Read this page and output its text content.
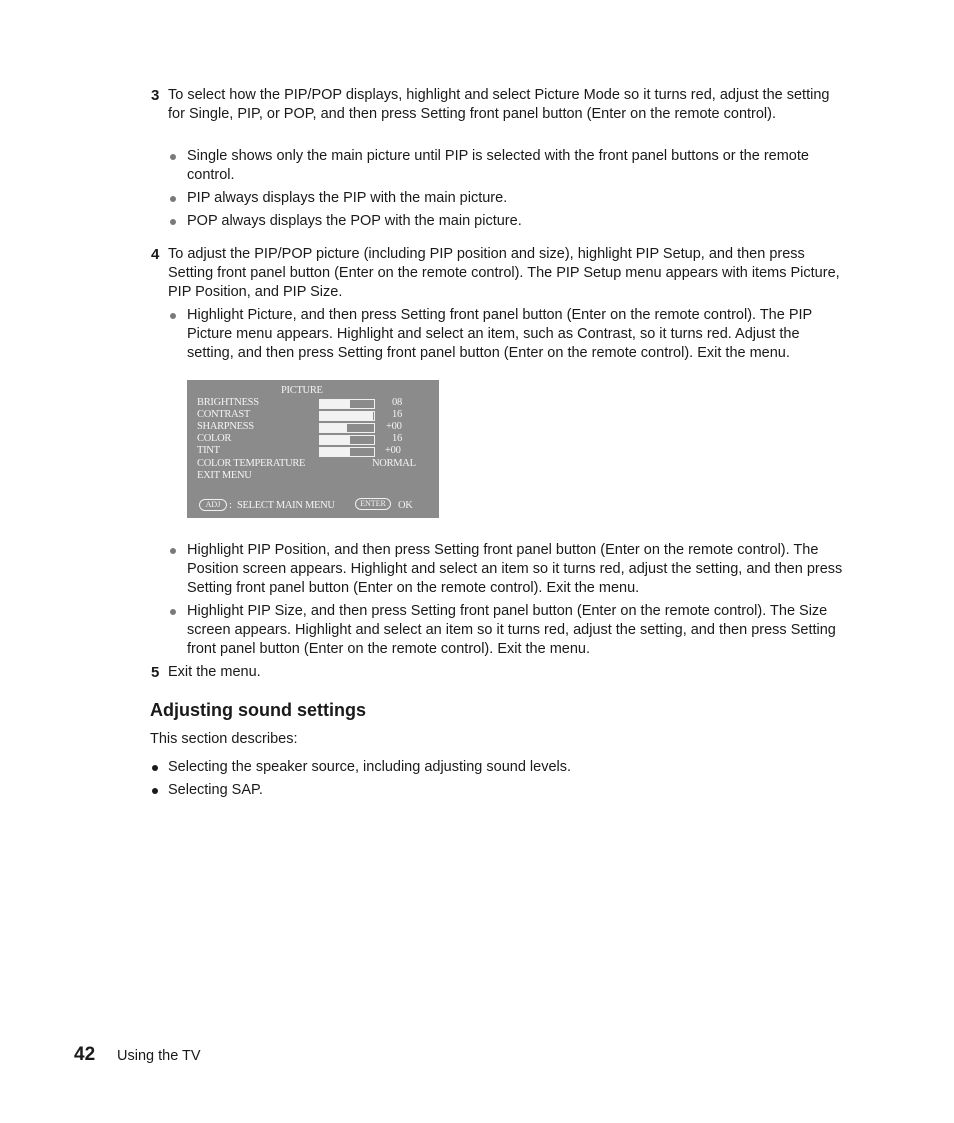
3 To select how the PIP/POP displays, highlight and select Picture Mode so it turns red, adjust the setting for Single, PIP, or POP, and then press Setting front panel button (Enter on the remote control).
Single shows only the main picture until PIP is selected with the front panel buttons or the remote control.
PIP always displays the PIP with the main picture.
POP always displays the POP with the main picture.
4 To adjust the PIP/POP picture (including PIP position and size), highlight PIP Setup, and then press Setting front panel button (Enter on the remote control). The PIP Setup menu appears with items Picture, PIP Position, and PIP Size.
Highlight Picture, and then press Setting front panel button (Enter on the remote control). The PIP Picture menu appears. Highlight and select an item, such as Contrast, so it turns red. Adjust the setting, and then press Setting front panel button (Enter on the remote control). Exit the menu.
PICTURE
BRIGHTNESS	08
CONTRAST	16
SHARPNESS	+00
COLOR	16
TINT	+00
COLOR TEMPERATURE	NORMAL
EXIT MENU
ADJ : SELECT MAIN MENU	ENTER	OK
Highlight PIP Position, and then press Setting front panel button (Enter on the remote control). The Position screen appears. Highlight and select an item so it turns red, adjust the setting, and then press Setting front panel button (Enter on the remote control). Exit the menu.
Highlight PIP Size, and then press Setting front panel button (Enter on the remote control). The Size screen appears. Highlight and select an item so it turns red, adjust the setting, and then press Setting front panel button (Enter on the remote control). Exit the menu.
5 Exit the menu.
Adjusting sound settings
This section describes:
Selecting the speaker source, including adjusting sound levels.
Selecting SAP.
42 Using the TV
